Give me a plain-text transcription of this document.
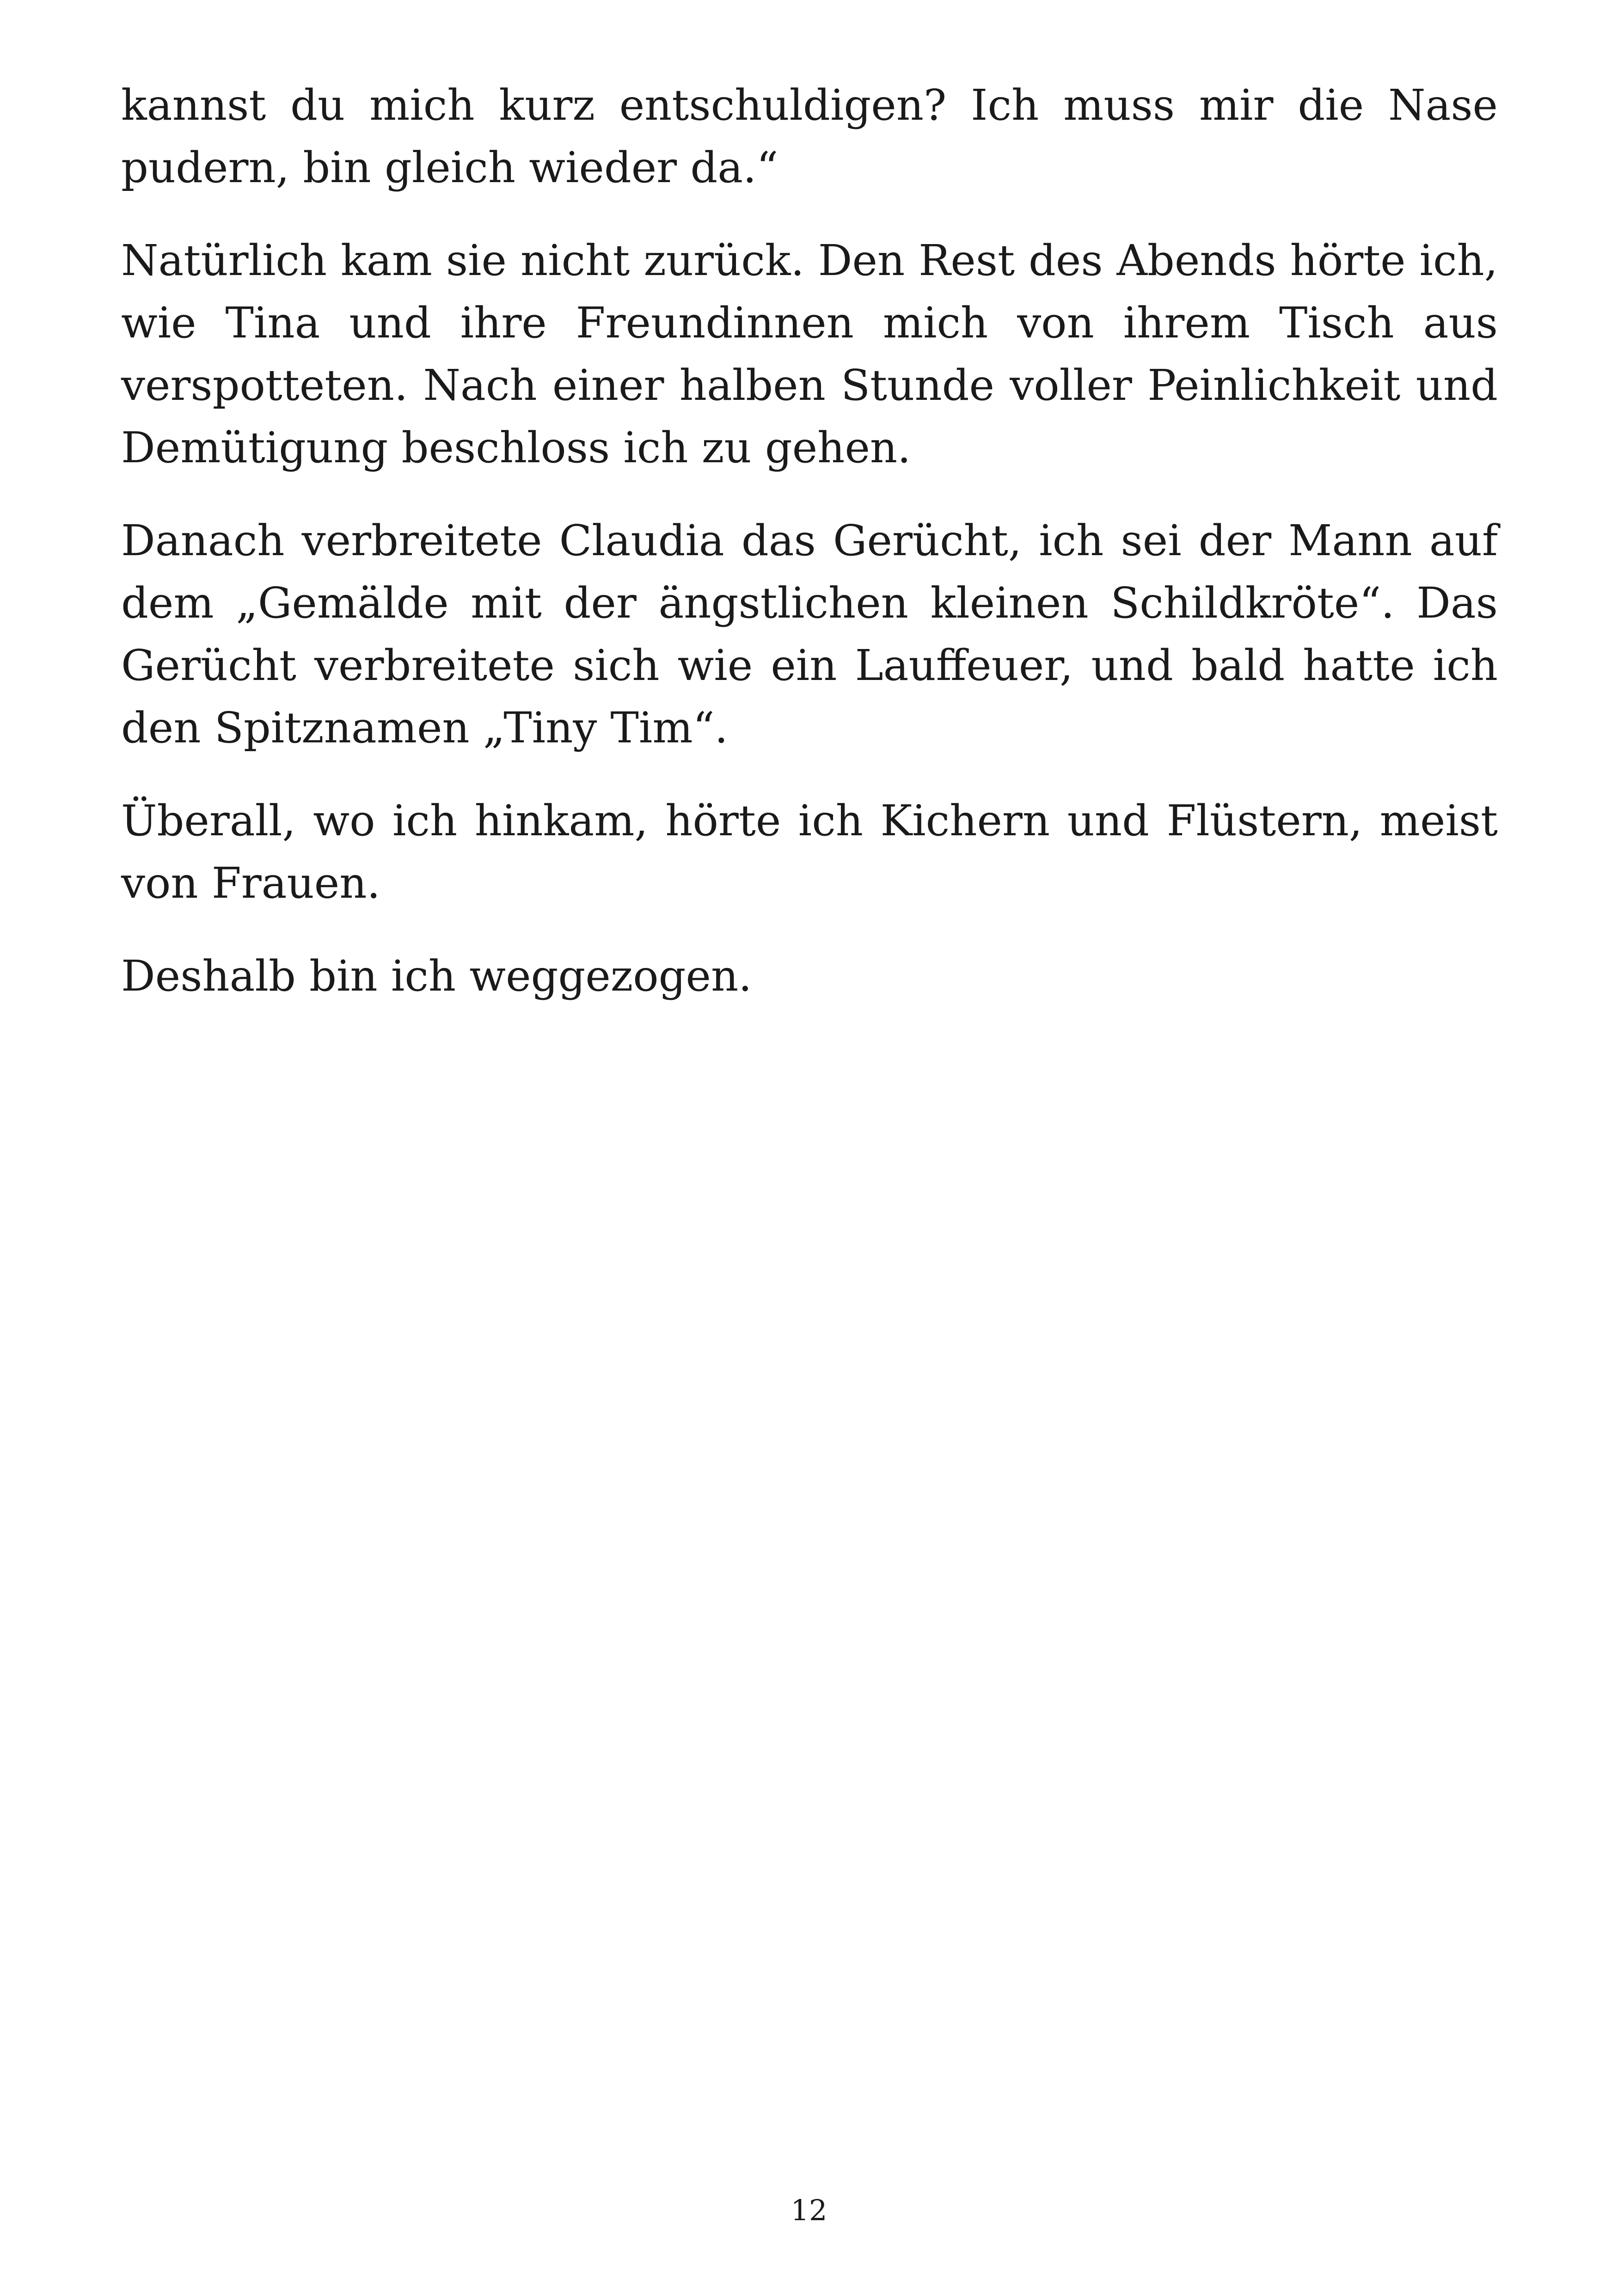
kannst du mich kurz entschuldigen? Ich muss mir die Nase pudern, bin gleich wieder da.“

Natürlich kam sie nicht zurück. Den Rest des Abends hörte ich, wie Tina und ihre Freundinnen mich von ihrem Tisch aus verspotteten. Nach einer halben Stunde voller Peinlichkeit und Demütigung beschloss ich zu gehen.

Danach verbreitete Claudia das Gerücht, ich sei der Mann auf dem „Gemälde mit der ängstlichen kleinen Schildkröte“. Das Gerücht verbreitete sich wie ein Lauffeuer, und bald hatte ich den Spitznamen „Tiny Tim“.

Überall, wo ich hinkam, hörte ich Kichern und Flüstern, meist von Frauen.

Deshalb bin ich weggezogen.

12
